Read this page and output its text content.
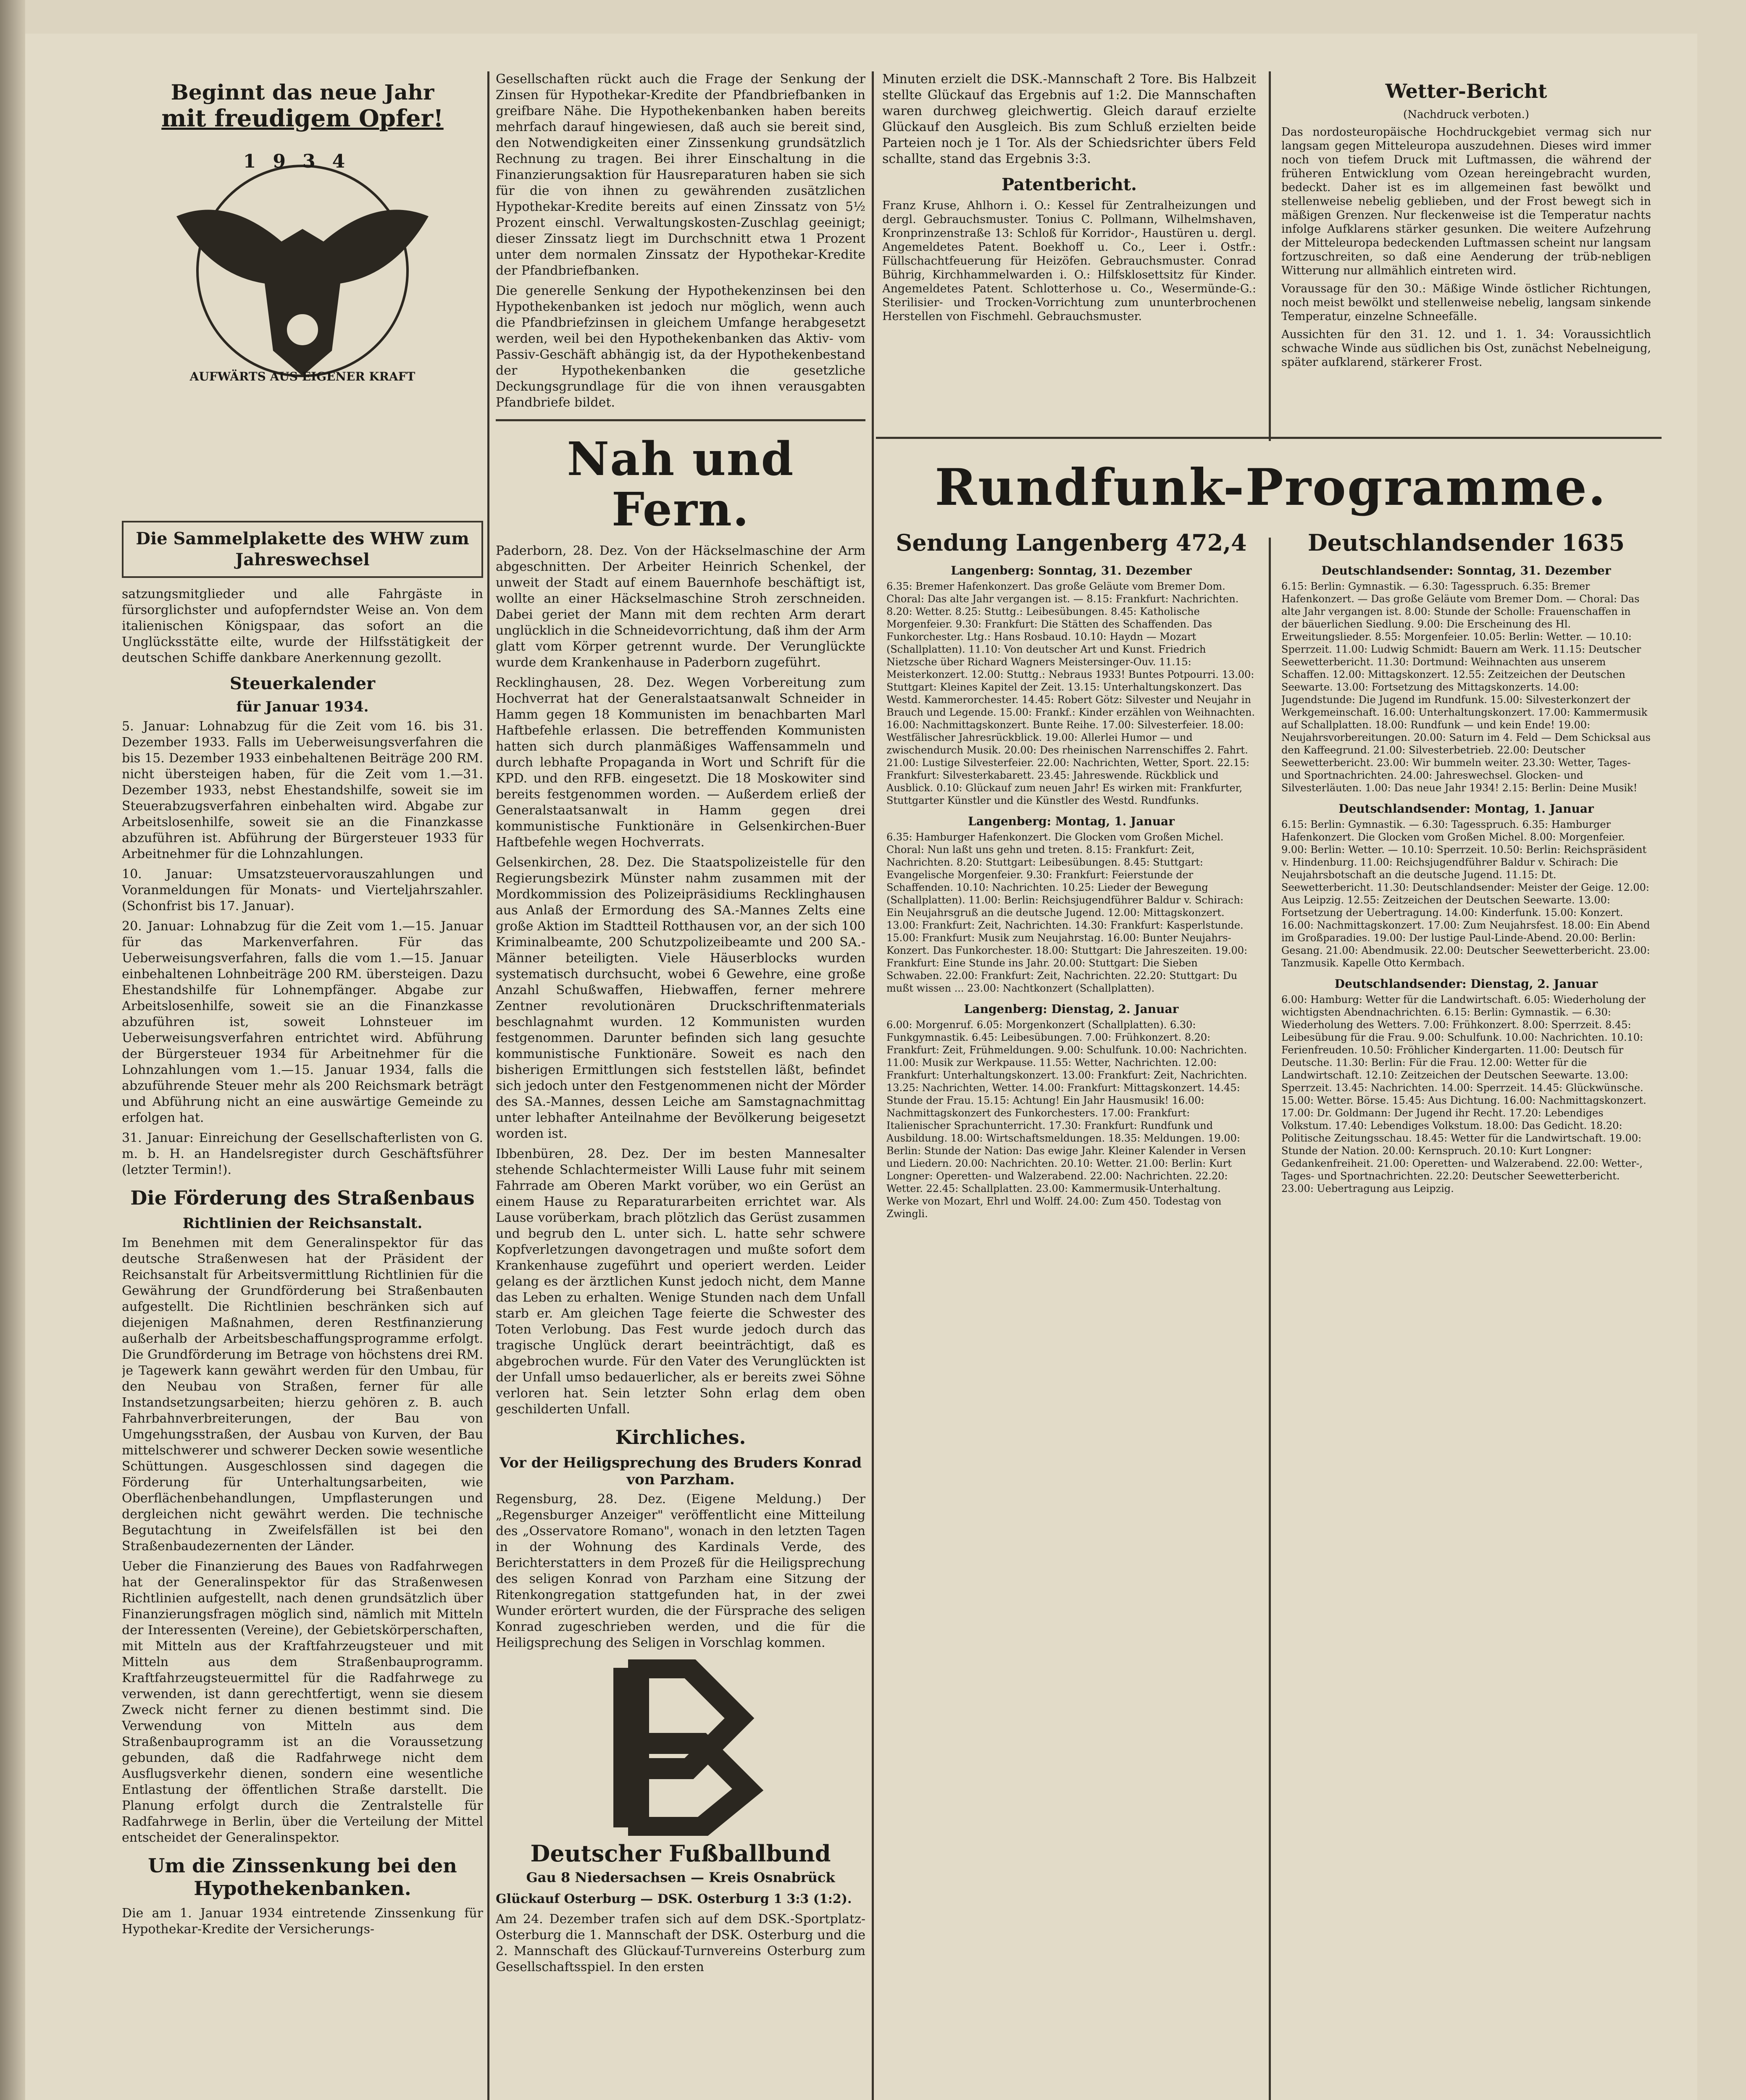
Beginnt das neue Jahr
mit freudigem Opfer!
1934
AUFWÄRTS AUS EIGENER KRAFT
Die Sammelplakette des WHW zum Jahreswechsel

satzungsmitglieder und alle Fahrgäste in fürsorglichster und aufopferndster Weise an. Von dem italienischen Königspaar, das sofort an die Unglücksstätte eilte, wurde der Hilfsstätigkeit der deutschen Schiffe dankbare Anerkennung gezollt.

Steuerkalender
für Januar 1934.

5. Januar: Lohnabzug für die Zeit vom 16. bis 31. Dezember 1933. Falls im Ueberweisungsverfahren die bis 15. Dezember 1933 einbehaltenen Beiträge 200 RM. nicht übersteigen haben, für die Zeit vom 1.—31. Dezember 1933, nebst Ehestandshilfe, soweit sie im Steuerabzugsverfahren einbehalten wird. Abgabe zur Arbeitslosenhilfe, soweit sie an die Finanzkasse abzuführen ist. Abführung der Bürgersteuer 1933 für Arbeitnehmer für die Lohnzahlungen.

10. Januar: Umsatzsteuervorauszahlungen und Voranmeldungen für Monats- und Vierteljahrszahler. (Schonfrist bis 17. Januar).

20. Januar: Lohnabzug für die Zeit vom 1.—15. Januar für das Markenverfahren. Für das Ueberweisungsverfahren, falls die vom 1.—15. Januar einbehaltenen Lohnbeiträge 200 RM. übersteigen. Dazu Ehestandshilfe für Lohnempfänger. Abgabe zur Arbeitslosenhilfe, soweit sie an die Finanzkasse abzuführen ist, soweit Lohnsteuer im Ueberweisungsverfahren entrichtet wird. Abführung der Bürgersteuer 1934 für Arbeitnehmer für die Lohnzahlungen vom 1.—15. Januar 1934, falls die abzuführende Steuer mehr als 200 Reichsmark beträgt und Abführung nicht an eine auswärtige Gemeinde zu erfolgen hat.

31. Januar: Einreichung der Gesellschafterlisten von G. m. b. H. an Handelsregister durch Geschäftsführer (letzter Termin!).

Die Förderung des Straßenbaus
Richtlinien der Reichsanstalt.

Im Benehmen mit dem Generalinspektor für das deutsche Straßenwesen hat der Präsident der Reichsanstalt für Arbeitsvermittlung Richtlinien für die Gewährung der Grundförderung bei Straßenbauten aufgestellt. Die Richtlinien beschränken sich auf diejenigen Maßnahmen, deren Restfinanzierung außerhalb der Arbeitsbeschaffungsprogramme erfolgt. Die Grundförderung im Betrage von höchstens drei RM. je Tagewerk kann gewährt werden für den Umbau, für den Neubau von Straßen, ferner für alle Instandsetzungsarbeiten; hierzu gehören z. B. auch Fahrbahnverbreiterungen, der Bau von Umgehungsstraßen, der Ausbau von Kurven, der Bau mittelschwerer und schwerer Decken sowie wesentliche Schüttungen. Ausgeschlossen sind dagegen die Förderung für Unterhaltungsarbeiten, wie Oberflächenbehandlungen, Umpflasterungen und dergleichen nicht gewährt werden. Die technische Begutachtung in Zweifelsfällen ist bei den Straßenbaudezernenten der Länder.

Ueber die Finanzierung des Baues von Radfahrwegen hat der Generalinspektor für das Straßenwesen Richtlinien aufgestellt, nach denen grundsätzlich über Finanzierungsfragen möglich sind, nämlich mit Mitteln der Interessenten (Vereine), der Gebietskörperschaften, mit Mitteln aus der Kraftfahrzeugsteuer und mit Mitteln aus dem Straßenbauprogramm. Kraftfahrzeugsteuermittel für die Radfahrwege zu verwenden, ist dann gerechtfertigt, wenn sie diesem Zweck nicht ferner zu dienen bestimmt sind. Die Verwendung von Mitteln aus dem Straßenbauprogramm ist an die Voraussetzung gebunden, daß die Radfahrwege nicht dem Ausflugsverkehr dienen, sondern eine wesentliche Entlastung der öffentlichen Straße darstellt. Die Planung erfolgt durch die Zentralstelle für Radfahrwege in Berlin, über die Verteilung der Mittel entscheidet der Generalinspektor.

Um die Zinssenkung bei den Hypothekenbanken.

Die am 1. Januar 1934 eintretende Zinssenkung für Hypothekar-Kredite der Versicherungs-

Gesellschaften rückt auch die Frage der Senkung der Zinsen für Hypothekar-Kredite der Pfandbriefbanken in greifbare Nähe. Die Hypothekenbanken haben bereits mehrfach darauf hingewiesen, daß auch sie bereit sind, den Notwendigkeiten einer Zinssenkung grundsätzlich Rechnung zu tragen. Bei ihrer Einschaltung in die Finanzierungsaktion für Hausreparaturen haben sie sich für die von ihnen zu gewährenden zusätzlichen Hypothekar-Kredite bereits auf einen Zinssatz von 5½ Prozent einschl. Verwaltungskosten-Zuschlag geeinigt; dieser Zinssatz liegt im Durchschnitt etwa 1 Prozent unter dem normalen Zinssatz der Hypothekar-Kredite der Pfandbriefbanken.

Die generelle Senkung der Hypothekenzinsen bei den Hypothekenbanken ist jedoch nur möglich, wenn auch die Pfandbriefzinsen in gleichem Umfange herabgesetzt werden, weil bei den Hypothekenbanken das Aktiv- vom Passiv-Geschäft abhängig ist, da der Hypothekenbestand der Hypothekenbanken die gesetzliche Deckungsgrundlage für die von ihnen verausgabten Pfandbriefe bildet.

Nah und Fern.

Paderborn, 28. Dez. Von der Häckselmaschine der Arm abgeschnitten. Der Arbeiter Heinrich Schenkel, der unweit der Stadt auf einem Bauernhofe beschäftigt ist, wollte an einer Häckselmaschine Stroh zerschneiden. Dabei geriet der Mann mit dem rechten Arm derart unglücklich in die Schneidevorrichtung, daß ihm der Arm glatt vom Körper getrennt wurde. Der Verunglückte wurde dem Krankenhause in Paderborn zugeführt.

Recklinghausen, 28. Dez. Wegen Vorbereitung zum Hochverrat hat der Generalstaatsanwalt Schneider in Hamm gegen 18 Kommunisten im benachbarten Marl Haftbefehle erlassen. Die betreffenden Kommunisten hatten sich durch planmäßiges Waffensammeln und durch lebhafte Propaganda in Wort und Schrift für die KPD. und den RFB. eingesetzt. Die 18 Moskowiter sind bereits festgenommen worden. — Außerdem erließ der Generalstaatsanwalt in Hamm gegen drei kommunistische Funktionäre in Gelsenkirchen-Buer Haftbefehle wegen Hochverrats.

Gelsenkirchen, 28. Dez. Die Staatspolizeistelle für den Regierungsbezirk Münster nahm zusammen mit der Mordkommission des Polizeipräsidiums Recklinghausen aus Anlaß der Ermordung des SA.-Mannes Zelts eine große Aktion im Stadtteil Rotthausen vor, an der sich 100 Kriminalbeamte, 200 Schutzpolizeibeamte und 200 SA.-Männer beteiligten. Viele Häuserblocks wurden systematisch durchsucht, wobei 6 Gewehre, eine große Anzahl Schußwaffen, Hiebwaffen, ferner mehrere Zentner revolutionären Druckschriftenmaterials beschlagnahmt wurden. 12 Kommunisten wurden festgenommen. Darunter befinden sich lang gesuchte kommunistische Funktionäre. Soweit es nach den bisherigen Ermittlungen sich feststellen läßt, befindet sich jedoch unter den Festgenommenen nicht der Mörder des SA.-Mannes, dessen Leiche am Samstagnachmittag unter lebhafter Anteilnahme der Bevölkerung beigesetzt worden ist.

Ibbenbüren, 28. Dez. Der im besten Mannesalter stehende Schlachtermeister Willi Lause fuhr mit seinem Fahrrade am Oberen Markt vorüber, wo ein Gerüst an einem Hause zu Reparaturarbeiten errichtet war. Als Lause vorüberkam, brach plötzlich das Gerüst zusammen und begrub den L. unter sich. L. hatte sehr schwere Kopfverletzungen davongetragen und mußte sofort dem Krankenhause zugeführt und operiert werden. Leider gelang es der ärztlichen Kunst jedoch nicht, dem Manne das Leben zu erhalten. Wenige Stunden nach dem Unfall starb er. Am gleichen Tage feierte die Schwester des Toten Verlobung. Das Fest wurde jedoch durch das tragische Unglück derart beeinträchtigt, daß es abgebrochen wurde. Für den Vater des Verunglückten ist der Unfall umso bedauerlicher, als er bereits zwei Söhne verloren hat. Sein letzter Sohn erlag dem oben geschilderten Unfall.

Kirchliches.
Vor der Heiligsprechung des Bruders Konrad von Parzham.

Regensburg, 28. Dez. (Eigene Meldung.) Der „Regensburger Anzeiger" veröffentlicht eine Mitteilung des „Osservatore Romano", wonach in den letzten Tagen in der Wohnung des Kardinals Verde, des Berichterstatters in dem Prozeß für die Heiligsprechung des seligen Konrad von Parzham eine Sitzung der Ritenkongregation stattgefunden hat, in der zwei Wunder erörtert wurden, die der Fürsprache des seligen Konrad zugeschrieben werden, und die für die Heiligsprechung des Seligen in Vorschlag kommen.

Deutscher Fußballbund
Gau 8 Niedersachsen — Kreis Osnabrück

Glückauf Osterburg — DSK. Osterburg 1 3:3 (1:2).

Am 24. Dezember trafen sich auf dem DSK.-Sportplatz-Osterburg die 1. Mannschaft der DSK. Osterburg und die 2. Mannschaft des Glückauf-Turnvereins Osterburg zum Gesellschaftsspiel. In den ersten

Minuten erzielt die DSK.-Mannschaft 2 Tore. Bis Halbzeit stellte Glückauf das Ergebnis auf 1:2. Die Mannschaften waren durchweg gleichwertig. Gleich darauf erzielte Glückauf den Ausgleich. Bis zum Schluß erzielten beide Parteien noch je 1 Tor. Als der Schiedsrichter übers Feld schallte, stand das Ergebnis 3:3.

Patentbericht.

Franz Kruse, Ahlhorn i. O.: Kessel für Zentralheizungen und dergl. Gebrauchsmuster. Tonius C. Pollmann, Wilhelmshaven, Kronprinzenstraße 13: Schloß für Korridor-, Haustüren u. dergl. Angemeldetes Patent. Boekhoff u. Co., Leer i. Ostfr.: Füllschachtfeuerung für Heizöfen. Gebrauchsmuster. Conrad Bührig, Kirchhammelwarden i. O.: Hilfsklosettsitz für Kinder. Angemeldetes Patent. Schlotterhose u. Co., Wesermünde-G.: Sterilisier- und Trocken-Vorrichtung zum ununterbrochenen Herstellen von Fischmehl. Gebrauchsmuster.

Wetter-Bericht
(Nachdruck verboten.)

Das nordosteuropäische Hochdruckgebiet vermag sich nur langsam gegen Mitteleuropa auszudehnen. Dieses wird immer noch von tiefem Druck mit Luftmassen, die während der früheren Entwicklung vom Ozean hereingebracht wurden, bedeckt. Daher ist es im allgemeinen fast bewölkt und stellenweise nebelig geblieben, und der Frost bewegt sich in mäßigen Grenzen. Nur fleckenweise ist die Temperatur nachts infolge Aufklarens stärker gesunken. Die weitere Aufzehrung der Mitteleuropa bedeckenden Luftmassen scheint nur langsam fortzuschreiten, so daß eine Aenderung der trüb-nebligen Witterung nur allmählich eintreten wird.

Voraussage für den 30.: Mäßige Winde östlicher Richtungen, noch meist bewölkt und stellenweise nebelig, langsam sinkende Temperatur, einzelne Schneefälle.

Aussichten für den 31. 12. und 1. 1. 34: Voraussichtlich schwache Winde aus südlichen bis Ost, zunächst Nebelneigung, später aufklarend, stärkerer Frost.

Rundfunk-Programme.
Sendung Langenberg 472,4
Langenberg: Sonntag, 31. Dezember

6.35: Bremer Hafenkonzert. Das große Geläute vom Bremer Dom. Choral: Das alte Jahr vergangen ist. — 8.15: Frankfurt: Nachrichten. 8.20: Wetter. 8.25: Stuttg.: Leibesübungen. 8.45: Katholische Morgenfeier. 9.30: Frankfurt: Die Stätten des Schaffenden. Das Funkorchester. Ltg.: Hans Rosbaud. 10.10: Haydn — Mozart (Schallplatten). 11.10: Von deutscher Art und Kunst. Friedrich Nietzsche über Richard Wagners Meistersinger-Ouv. 11.15: Meisterkonzert. 12.00: Stuttg.: Nebraus 1933! Buntes Potpourri. 13.00: Stuttgart: Kleines Kapitel der Zeit. 13.15: Unterhaltungskonzert. Das Westd. Kammerorchester. 14.45: Robert Götz: Silvester und Neujahr in Brauch und Legende. 15.00: Frankf.: Kinder erzählen von Weihnachten. 16.00: Nachmittagskonzert. Bunte Reihe. 17.00: Silvesterfeier. 18.00: Westfälischer Jahresrückblick. 19.00: Allerlei Humor — und zwischendurch Musik. 20.00: Des rheinischen Narrenschiffes 2. Fahrt. 21.00: Lustige Silvesterfeier. 22.00: Nachrichten, Wetter, Sport. 22.15: Frankfurt: Silvesterkabarett. 23.45: Jahreswende. Rückblick und Ausblick. 0.10: Glückauf zum neuen Jahr! Es wirken mit: Frankfurter, Stuttgarter Künstler und die Künstler des Westd. Rundfunks.

Langenberg: Montag, 1. Januar

6.35: Hamburger Hafenkonzert. Die Glocken vom Großen Michel. Choral: Nun laßt uns gehn und treten. 8.15: Frankfurt: Zeit, Nachrichten. 8.20: Stuttgart: Leibesübungen. 8.45: Stuttgart: Evangelische Morgenfeier. 9.30: Frankfurt: Feierstunde der Schaffenden. 10.10: Nachrichten. 10.25: Lieder der Bewegung (Schallplatten). 11.00: Berlin: Reichsjugendführer Baldur v. Schirach: Ein Neujahrsgruß an die deutsche Jugend. 12.00: Mittagskonzert. 13.00: Frankfurt: Zeit, Nachrichten. 14.30: Frankfurt: Kasperlstunde. 15.00: Frankfurt: Musik zum Neujahrstag. 16.00: Bunter Neujahrs-Konzert. Das Funkorchester. 18.00: Stuttgart: Die Jahreszeiten. 19.00: Frankfurt: Eine Stunde ins Jahr. 20.00: Stuttgart: Die Sieben Schwaben. 22.00: Frankfurt: Zeit, Nachrichten. 22.20: Stuttgart: Du mußt wissen ... 23.00: Nachtkonzert (Schallplatten).

Langenberg: Dienstag, 2. Januar

6.00: Morgenruf. 6.05: Morgenkonzert (Schallplatten). 6.30: Funkgymnastik. 6.45: Leibesübungen. 7.00: Frühkonzert. 8.20: Frankfurt: Zeit, Frühmeldungen. 9.00: Schulfunk. 10.00: Nachrichten. 11.00: Musik zur Werkpause. 11.55: Wetter, Nachrichten. 12.00: Frankfurt: Unterhaltungskonzert. 13.00: Frankfurt: Zeit, Nachrichten. 13.25: Nachrichten, Wetter. 14.00: Frankfurt: Mittagskonzert. 14.45: Stunde der Frau. 15.15: Achtung! Ein Jahr Hausmusik! 16.00: Nachmittagskonzert des Funkorchesters. 17.00: Frankfurt: Italienischer Sprachunterricht. 17.30: Frankfurt: Rundfunk und Ausbildung. 18.00: Wirtschaftsmeldungen. 18.35: Meldungen. 19.00: Berlin: Stunde der Nation: Das ewige Jahr. Kleiner Kalender in Versen und Liedern. 20.00: Nachrichten. 20.10: Wetter. 21.00: Berlin: Kurt Longner: Operetten- und Walzerabend. 22.00: Nachrichten. 22.20: Wetter. 22.45: Schallplatten. 23.00: Kammermusik-Unterhaltung. Werke von Mozart, Ehrl und Wolff. 24.00: Zum 450. Todestag von Zwingli.

Deutschlandsender 1635
Deutschlandsender: Sonntag, 31. Dezember

6.15: Berlin: Gymnastik. — 6.30: Tagesspruch. 6.35: Bremer Hafenkonzert. — Das große Geläute vom Bremer Dom. — Choral: Das alte Jahr vergangen ist. 8.00: Stunde der Scholle: Frauenschaffen in der bäuerlichen Siedlung. 9.00: Die Erscheinung des Hl. Erweitungslieder. 8.55: Morgenfeier. 10.05: Berlin: Wetter. — 10.10: Sperrzeit. 11.00: Ludwig Schmidt: Bauern am Werk. 11.15: Deutscher Seewetterbericht. 11.30: Dortmund: Weihnachten aus unserem Schaffen. 12.00: Mittagskonzert. 12.55: Zeitzeichen der Deutschen Seewarte. 13.00: Fortsetzung des Mittagskonzerts. 14.00: Jugendstunde: Die Jugend im Rundfunk. 15.00: Silvesterkonzert der Werkgemeinschaft. 16.00: Unterhaltungskonzert. 17.00: Kammermusik auf Schallplatten. 18.00: Rundfunk — und kein Ende! 19.00: Neujahrsvorbereitungen. 20.00: Saturn im 4. Feld — Dem Schicksal aus den Kaffeegrund. 21.00: Silvesterbetrieb. 22.00: Deutscher Seewetterbericht. 23.00: Wir bummeln weiter. 23.30: Wetter, Tages- und Sportnachrichten. 24.00: Jahreswechsel. Glocken- und Silvesterläuten. 1.00: Das neue Jahr 1934! 2.15: Berlin: Deine Musik!

Deutschlandsender: Montag, 1. Januar

6.15: Berlin: Gymnastik. — 6.30: Tagesspruch. 6.35: Hamburger Hafenkonzert. Die Glocken vom Großen Michel. 8.00: Morgenfeier. 9.00: Berlin: Wetter. — 10.10: Sperrzeit. 10.50: Berlin: Reichspräsident v. Hindenburg. 11.00: Reichsjugendführer Baldur v. Schirach: Die Neujahrsbotschaft an die deutsche Jugend. 11.15: Dt. Seewetterbericht. 11.30: Deutschlandsender: Meister der Geige. 12.00: Aus Leipzig. 12.55: Zeitzeichen der Deutschen Seewarte. 13.00: Fortsetzung der Uebertragung. 14.00: Kinderfunk. 15.00: Konzert. 16.00: Nachmittagskonzert. 17.00: Zum Neujahrsfest. 18.00: Ein Abend im Großparadies. 19.00: Der lustige Paul-Linde-Abend. 20.00: Berlin: Gesang. 21.00: Abendmusik. 22.00: Deutscher Seewetterbericht. 23.00: Tanzmusik. Kapelle Otto Kermbach.

Deutschlandsender: Dienstag, 2. Januar

6.00: Hamburg: Wetter für die Landwirtschaft. 6.05: Wiederholung der wichtigsten Abendnachrichten. 6.15: Berlin: Gymnastik. — 6.30: Wiederholung des Wetters. 7.00: Frühkonzert. 8.00: Sperrzeit. 8.45: Leibesübung für die Frau. 9.00: Schulfunk. 10.00: Nachrichten. 10.10: Ferienfreuden. 10.50: Fröhlicher Kindergarten. 11.00: Deutsch für Deutsche. 11.30: Berlin: Für die Frau. 12.00: Wetter für die Landwirtschaft. 12.10: Zeitzeichen der Deutschen Seewarte. 13.00: Sperrzeit. 13.45: Nachrichten. 14.00: Sperrzeit. 14.45: Glückwünsche. 15.00: Wetter. Börse. 15.45: Aus Dichtung. 16.00: Nachmittagskonzert. 17.00: Dr. Goldmann: Der Jugend ihr Recht. 17.20: Lebendiges Volkstum. 17.40: Lebendiges Volkstum. 18.00: Das Gedicht. 18.20: Politische Zeitungsschau. 18.45: Wetter für die Landwirtschaft. 19.00: Stunde der Nation. 20.00: Kernspruch. 20.10: Kurt Longner: Gedankenfreiheit. 21.00: Operetten- und Walzerabend. 22.00: Wetter-, Tages- und Sportnachrichten. 22.20: Deutscher Seewetterbericht. 23.00: Uebertragung aus Leipzig.
